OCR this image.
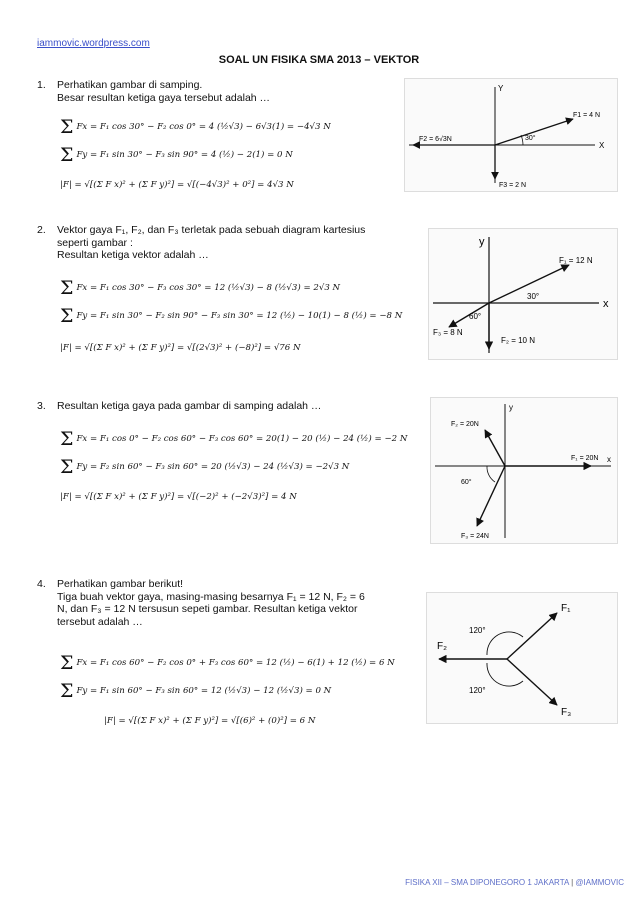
iammovic.wordpress.com
SOAL UN FISIKA SMA 2013 – VEKTOR
1. Perhatikan gambar di samping.
Besar resultan ketiga gaya tersebut adalah …
Σ Fx = F₁ cos 30° − F₂ cos 0° = 4 (½√3) − 6√3(1) = −4√3 N
Σ Fy = F₁ sin 30° − F₃ sin 90° = 4 (½) − 2(1) = 0 N
|F| = √[(Σ F x)² + (Σ F y)²] = √[(−4√3)² + 0²] = 4√3 N
Y
X
F1 = 4 N
F2 = 6√3N
F3 = 2 N
30°
2. Vektor gaya F₁, F₂, dan F₃ terletak pada sebuah diagram kartesius
seperti gambar :
Resultan ketiga vektor adalah …
Σ Fx = F₁ cos 30° − F₃ cos 30° = 12 (½√3) − 8 (½√3) = 2√3 N
Σ Fy = F₁ sin 30° − F₂ sin 90° − F₃ sin 30° = 12 (½) − 10(1) − 8 (½) = −8 N
|F| = √[(Σ F x)² + (Σ F y)²] = √[(2√3)² + (−8)²] = √76 N
y
x
F₁ = 12 N
F₂ = 10 N
F₃ = 8 N
30°
60°
3. Resultan ketiga gaya pada gambar di samping adalah …
Σ Fx = F₁ cos 0° − F₂ cos 60° − F₃ cos 60° = 20(1) − 20 (½) − 24 (½) = −2 N
Σ Fy = F₂ sin 60° − F₃ sin 60° = 20 (½√3) − 24 (½√3) = −2√3 N
|F| = √[(Σ F x)² + (Σ F y)²] = √[(−2)² + (−2√3)²] = 4 N
y
x
F₁ = 20N
F₂ = 20N
F₃ = 24N
60°
4. Perhatikan gambar berikut!
Tiga buah vektor gaya, masing-masing besarnya F₁ = 12 N, F₂ = 6
N, dan F₃ = 12 N tersusun sepeti gambar. Resultan ketiga vektor
tersebut adalah …
Σ Fx = F₁ cos 60° − F₂ cos 0° + F₃ cos 60° = 12 (½) − 6(1) + 12 (½) = 6 N
Σ Fy = F₁ sin 60° − F₃ sin 60° = 12 (½√3) − 12 (½√3) = 0 N
|F| = √[(Σ F x)² + (Σ F y)²] = √[(6)² + (0)²] = 6 N
F₁
F₂
F₃
120°
120°
FISIKA XII – SMA DIPONEGORO 1 JAKARTA | @IAMMOVIC
